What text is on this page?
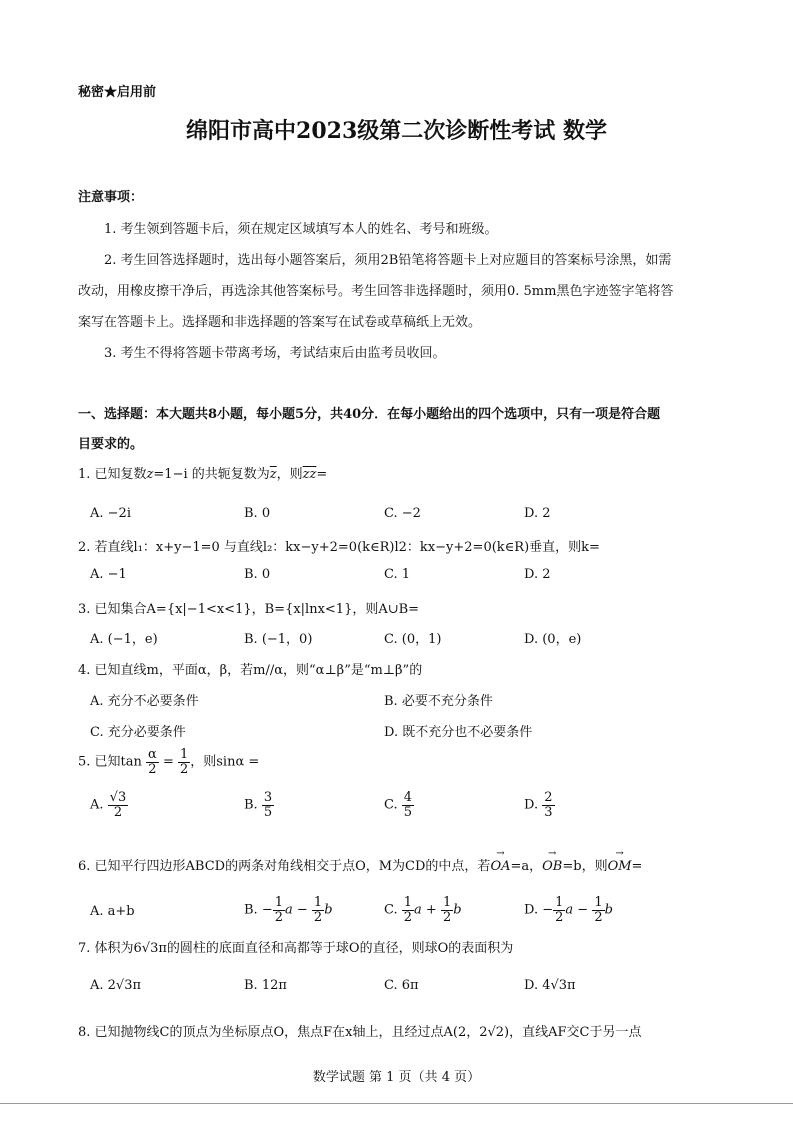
秘密★启用前
绵阳市高中2023级第二次诊断性考试 数学
注意事项：
1. 考生领到答题卡后，须在规定区域填写本人的姓名、考号和班级。
2. 考生回答选择题时，选出每小题答案后，须用2B铅笔将答题卡上对应题目的答案标号涂黑，如需
改动，用橡皮擦干净后，再选涂其他答案标号。考生回答非选择题时，须用0. 5mm黑色字迹签字笔将答
案写在答题卡上。选择题和非选择题的答案写在试卷或草稿纸上无效。
3. 考生不得将答题卡带离考场，考试结束后由监考员收回。
一、选择题：本大题共8小题，每小题5分，共40分．在每小题给出的四个选项中，只有一项是符合题
目要求的。
1. 已知复数z=1−i 的共轭复数为$\overline{z}$，则$\overline{zz}=$
A. −2i	B. 0	C. −2	D. 2
2. 若直线l₁：x+y−1=0 与直线l₂：kx−y+2=0(k∈R)l2：kx−y+2=0(k∈R)垂直，则k=
A. −1	B. 0	C. 1	D. 2
3. 已知集合A={x|−1<x<1}，B={x|lnx<1}，则A∪B=
A. (−1，e)	B. (−1，0)	C. (0，1)	D. (0，e)
4. 已知直线m，平面α，β，若m//α，则“α⊥β”是“m⊥β”的
A. 充分不必要条件	B. 必要不充分条件
C. 充分必要条件	D. 既不充分也不必要条件
5. 已知$\tan \frac{\alpha}{2} = \frac{1}{2}$ ，则sinα =
A. $\frac{√3}{2}$	B. $\frac{3}{5}$	C. $\frac{4}{5}$	D. $\frac{2}{3}$
6. 已知平行四边形ABCD的两条对角线相交于点O，M为CD的中点，若→ OA=a，→ OB=b，则→ OM=
A. a+b	B. − $\frac{1}{2}$ $a - \frac{1}{2}$ b	C. $\frac{1}{2}$ $a + \frac{1}{2}$ b	D. − $\frac{1}{2}$ $a - \frac{1}{2}$ b
7. 体积为6√3π的圆柱的底面直径和高都等于球O的直径，则球O的表面积为
A. 2√3π	B. 12π	C. 6π	D. 4√3π
8. 已知抛物线C的顶点为坐标原点O，焦点F在x轴上，且经过点A(2，2√2)，直线AF交C于另一点
数学试题 第 1 页（共 4 页）
